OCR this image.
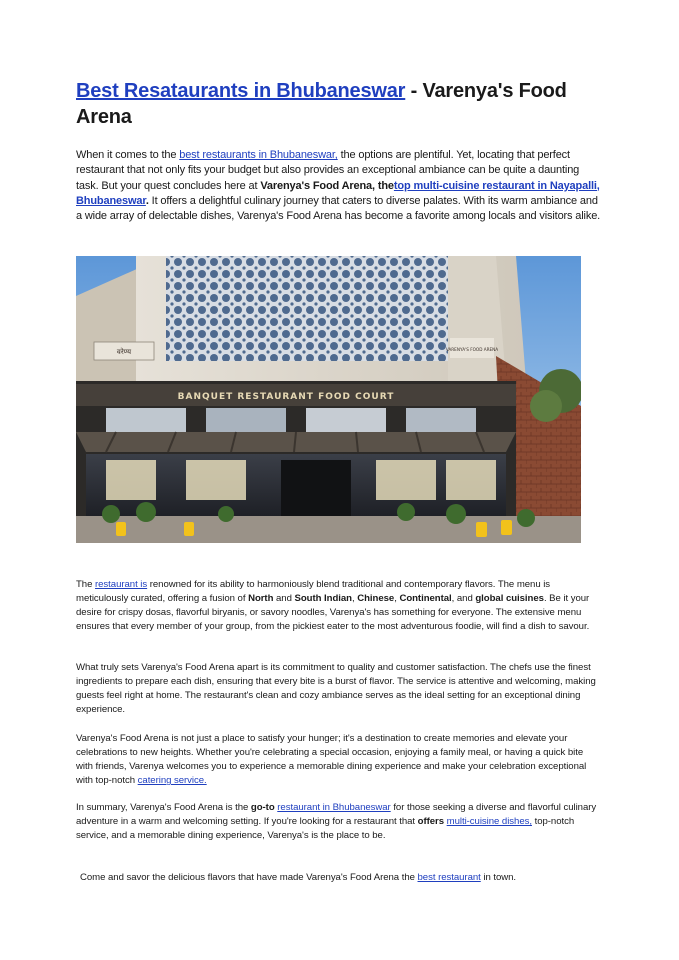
Best Resataurants in Bhubaneswar - Varenya's Food Arena

When it comes to the best restaurants in Bhubaneswar, the options are plentiful. Yet, locating that perfect restaurant that not only fits your budget but also provides an exceptional ambiance can be quite a daunting task. But your quest concludes here at Varenya's Food Arena, thetop multi-cuisine restaurant in Nayapalli, Bhubaneswar. It offers a delightful culinary journey that caters to diverse palates. With its warm ambiance and a wide array of delectable dishes, Varenya's Food Arena has become a favorite among locals and visitors alike.

वरेण्य	VARENYA'S FOOD ARENA
BANQUET RESTAURANT FOOD COURT

The restaurant is renowned for its ability to harmoniously blend traditional and contemporary flavors. The menu is meticulously curated, offering a fusion of North and South Indian, Chinese, Continental, and global cuisines. Be it your desire for crispy dosas, flavorful biryanis, or savory noodles, Varenya's has something for everyone. The extensive menu ensures that every member of your group, from the pickiest eater to the most adventurous foodie, will find a dish to savour.

What truly sets Varenya's Food Arena apart is its commitment to quality and customer satisfaction. The chefs use the finest ingredients to prepare each dish, ensuring that every bite is a burst of flavor. The service is attentive and welcoming, making guests feel right at home. The restaurant's clean and cozy ambiance serves as the ideal setting for an exceptional dining experience.

Varenya's Food Arena is not just a place to satisfy your hunger; it's a destination to create memories and elevate your celebrations to new heights. Whether you're celebrating a special occasion, enjoying a family meal, or having a quick bite with friends, Varenya welcomes you to experience a memorable dining experience and make your celebration exceptional with top-notch catering service.

In summary, Varenya's Food Arena is the go-to restaurant in Bhubaneswar for those seeking a diverse and flavorful culinary adventure in a warm and welcoming setting. If you're looking for a restaurant that offers multi-cuisine dishes, top-notch service, and a memorable dining experience, Varenya's is the place to be.

Come and savor the delicious flavors that have made Varenya's Food Arena the best restaurant in town.
